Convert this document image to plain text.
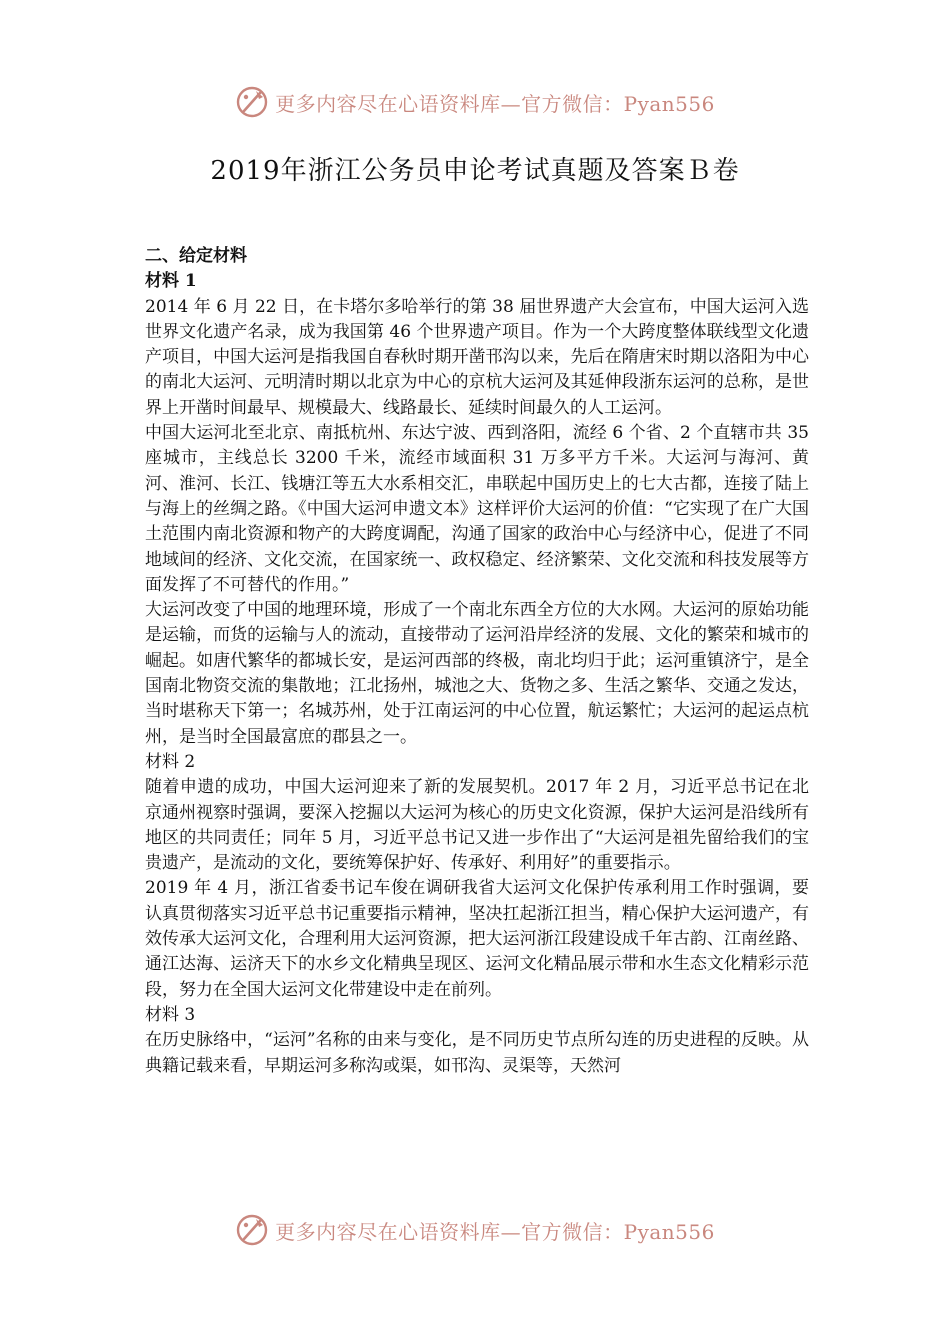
更多内容尽在心语资料库—官方微信：Pyan556
2019年浙江公务员申论考试真题及答案Ｂ卷

二、给定材料

材料 1

2014 年 6 月 22 日，在卡塔尔多哈举行的第 38 届世界遗产大会宣布，中国大运河入选世界文化遗产名录，成为我国第 46 个世界遗产项目。作为一个大跨度整体联线型文化遗产项目，中国大运河是指我国自春秋时期开凿邗沟以来，先后在隋唐宋时期以洛阳为中心的南北大运河、元明清时期以北京为中心的京杭大运河及其延伸段浙东运河的总称，是世界上开凿时间最早、规模最大、线路最长、延续时间最久的人工运河。

中国大运河北至北京、南抵杭州、东达宁波、西到洛阳，流经 6 个省、2 个直辖市共 35 座城市，主线总长 3200 千米，流经市域面积 31 万多平方千米。大运河与海河、黄河、淮河、长江、钱塘江等五大水系相交汇，串联起中国历史上的七大古都，连接了陆上与海上的丝绸之路。《中国大运河申遗文本》这样评价大运河的价值：“它实现了在广大国土范围内南北资源和物产的大跨度调配，沟通了国家的政治中心与经济中心，促进了不同地域间的经济、文化交流，在国家统一、政权稳定、经济繁荣、文化交流和科技发展等方面发挥了不可替代的作用。”

大运河改变了中国的地理环境，形成了一个南北东西全方位的大水网。大运河的原始功能是运输，而货的运输与人的流动，直接带动了运河沿岸经济的发展、文化的繁荣和城市的崛起。如唐代繁华的都城长安，是运河西部的终极，南北均归于此；运河重镇济宁，是全国南北物资交流的集散地；江北扬州，城池之大、货物之多、生活之繁华、交通之发达，当时堪称天下第一；名城苏州，处于江南运河的中心位置，航运繁忙；大运河的起运点杭州，是当时全国最富庶的郡县之一。

材料 2

随着申遗的成功，中国大运河迎来了新的发展契机。2017 年 2 月，习近平总书记在北京通州视察时强调，要深入挖掘以大运河为核心的历史文化资源，保护大运河是沿线所有地区的共同责任；同年 5 月，习近平总书记又进一步作出了“大运河是祖先留给我们的宝贵遗产，是流动的文化，要统筹保护好、传承好、利用好”的重要指示。

2019 年 4 月，浙江省委书记车俊在调研我省大运河文化保护传承利用工作时强调，要认真贯彻落实习近平总书记重要指示精神，坚决扛起浙江担当，精心保护大运河遗产，有效传承大运河文化，合理利用大运河资源，把大运河浙江段建设成千年古韵、江南丝路、通江达海、运济天下的水乡文化精典呈现区、运河文化精品展示带和水生态文化精彩示范段，努力在全国大运河文化带建设中走在前列。

材料 3

在历史脉络中，“运河”名称的由来与变化，是不同历史节点所勾连的历史进程的反映。从典籍记载来看，早期运河多称沟或渠，如邗沟、灵渠等，天然河

更多内容尽在心语资料库—官方微信：Pyan556
